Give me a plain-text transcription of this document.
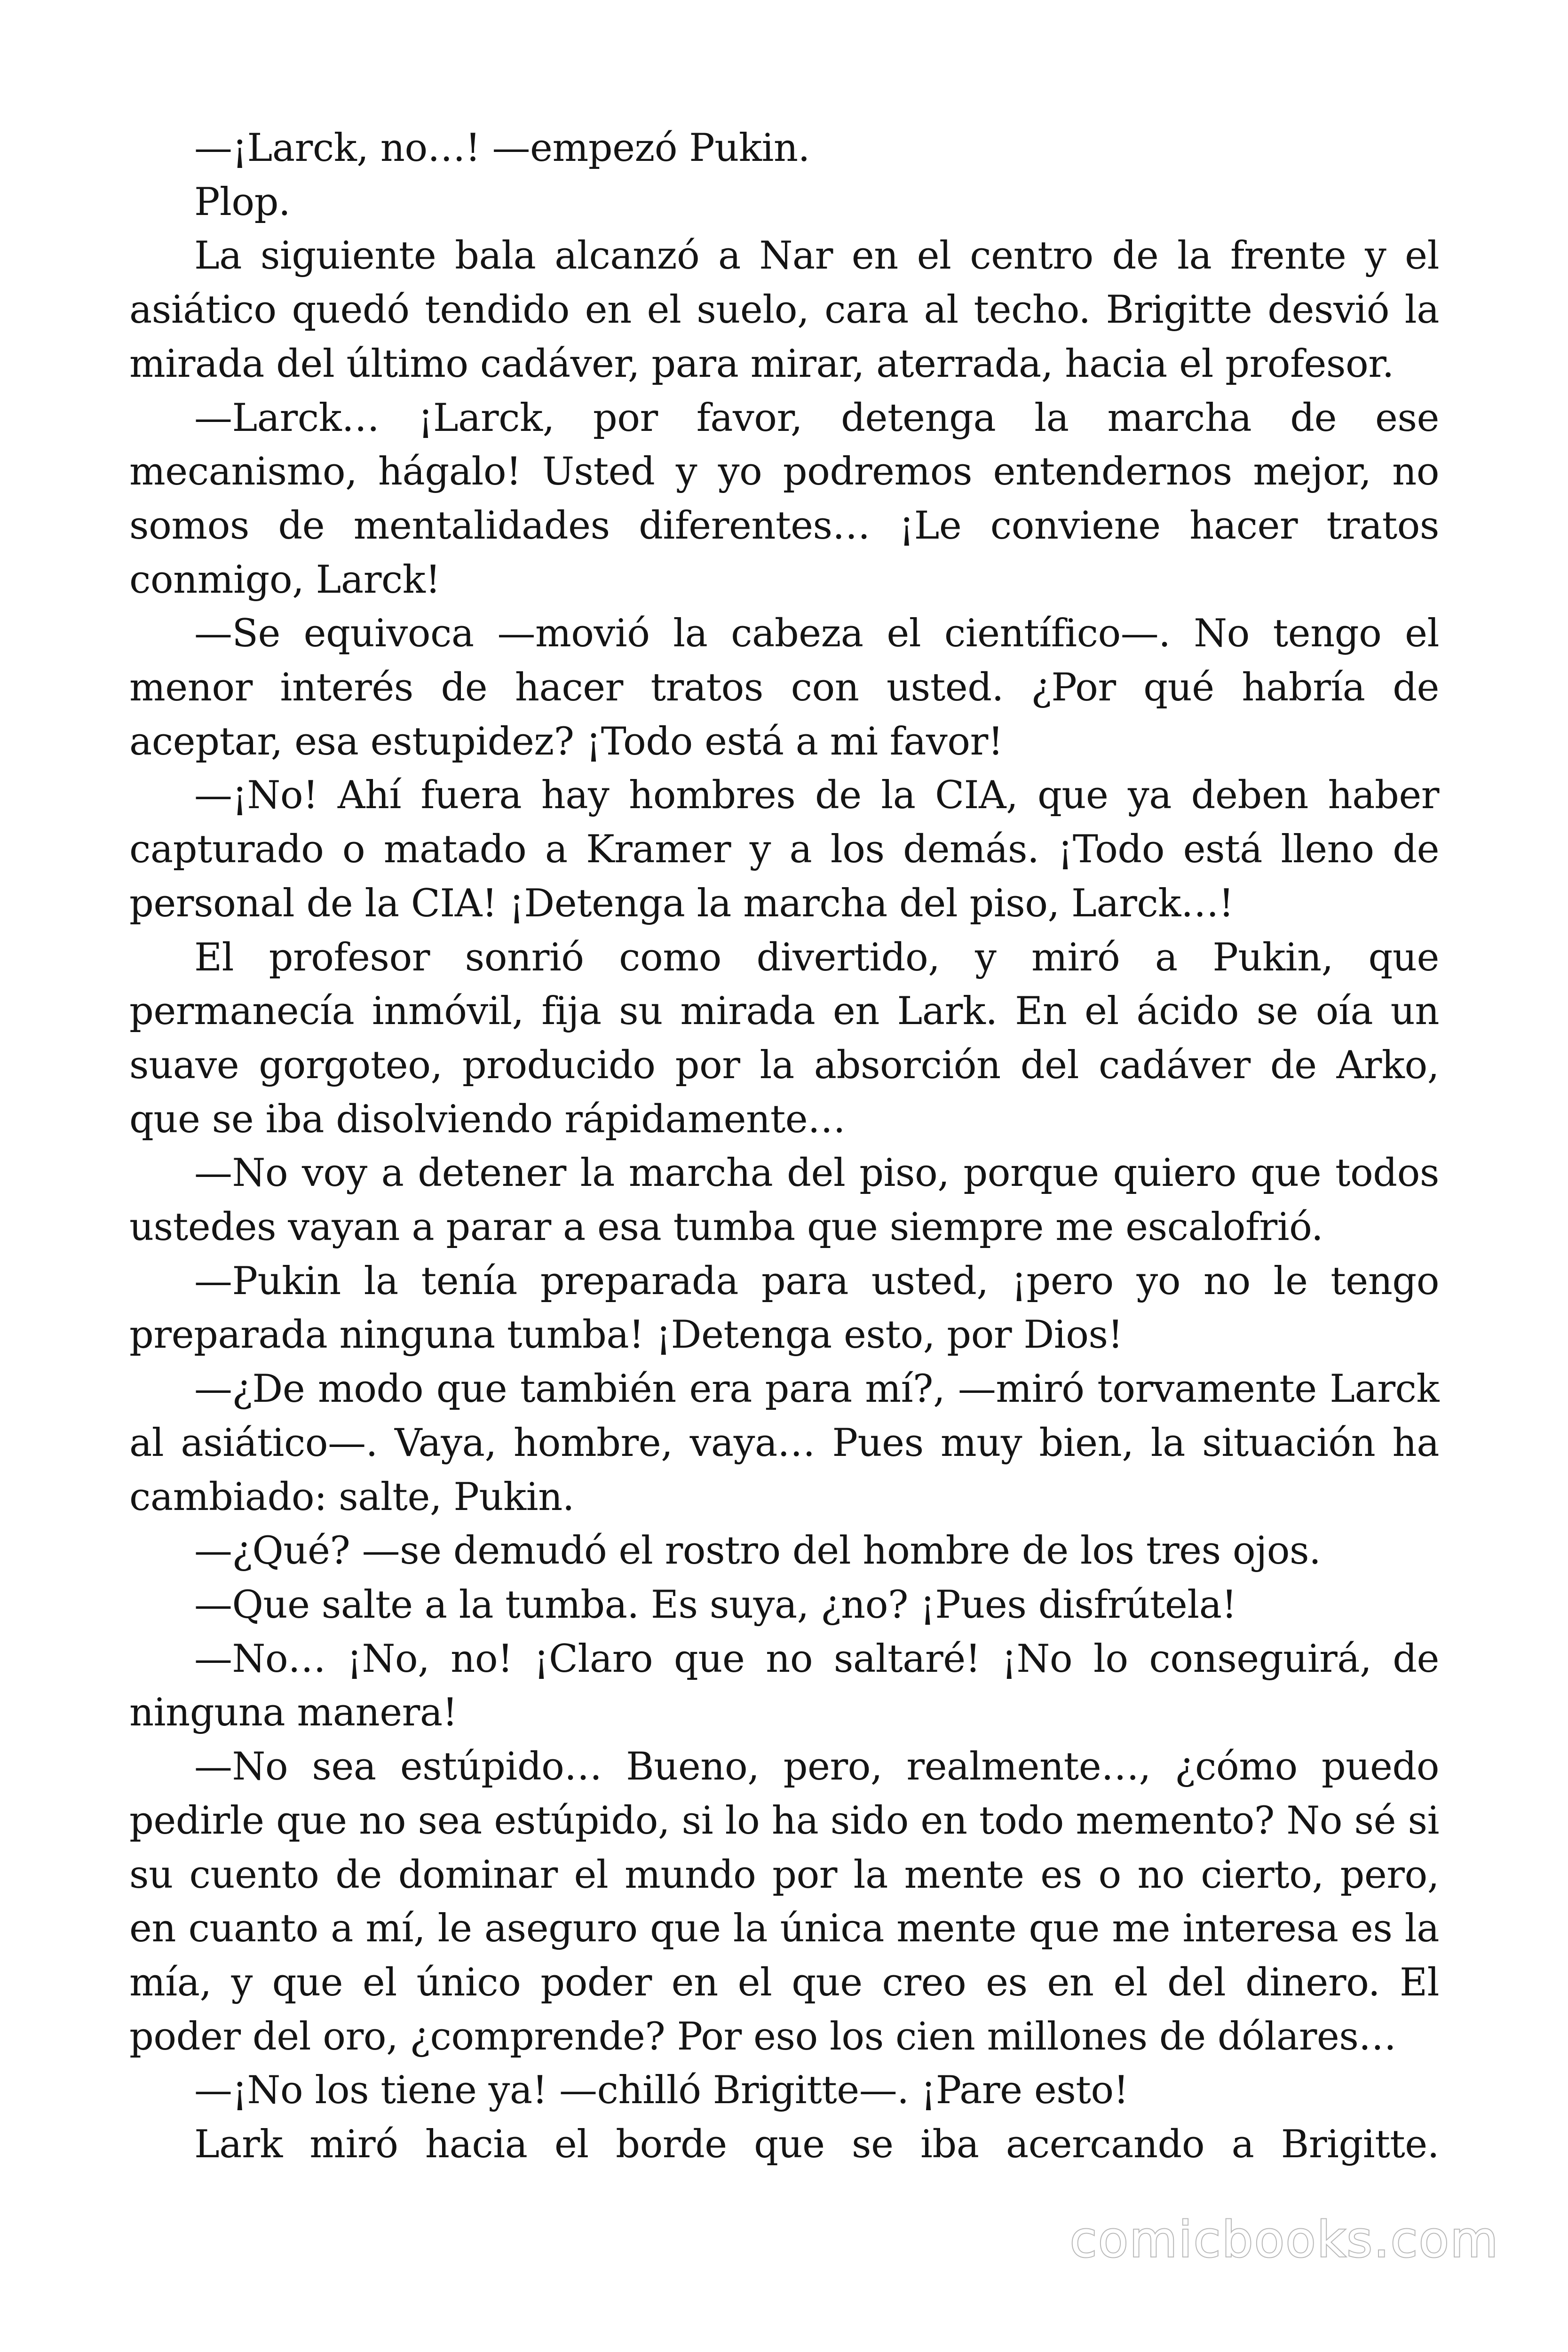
—¡Larck, no…! —empezó Pukin.

Plop.

La siguiente bala alcanzó a Nar en el centro de la frente y el asiático quedó tendido en el suelo, cara al techo. Brigitte desvió la mirada del último cadáver, para mirar, aterrada, hacia el profesor.

—Larck… ¡Larck, por favor, detenga la marcha de ese mecanismo, hágalo! Usted y yo podremos entendernos mejor, no somos de mentalidades diferentes… ¡Le conviene hacer tratos conmigo, Larck!

—Se equivoca —movió la cabeza el científico—. No tengo el menor interés de hacer tratos con usted. ¿Por qué habría de aceptar, esa estupidez? ¡Todo está a mi favor!

—¡No! Ahí fuera hay hombres de la CIA, que ya deben haber capturado o matado a Kramer y a los demás. ¡Todo está lleno de personal de la CIA! ¡Detenga la marcha del piso, Larck…!

El profesor sonrió como divertido, y miró a Pukin, que permanecía inmóvil, fija su mirada en Lark. En el ácido se oía un suave gorgoteo, producido por la absorción del cadáver de Arko, que se iba disolviendo rápidamente…

—No voy a detener la marcha del piso, porque quiero que todos ustedes vayan a parar a esa tumba que siempre me escalofrió.

—Pukin la tenía preparada para usted, ¡pero yo no le tengo preparada ninguna tumba! ¡Detenga esto, por Dios!

—¿De modo que también era para mí?, —miró torvamente Larck al asiático—. Vaya, hombre, vaya… Pues muy bien, la situación ha cambiado: salte, Pukin.

—¿Qué? —se demudó el rostro del hombre de los tres ojos.

—Que salte a la tumba. Es suya, ¿no? ¡Pues disfrútela!

—No… ¡No, no! ¡Claro que no saltaré! ¡No lo conseguirá, de ninguna manera!

—No sea estúpido… Bueno, pero, realmente…, ¿cómo puedo pedirle que no sea estúpido, si lo ha sido en todo memento? No sé si su cuento de dominar el mundo por la mente es o no cierto, pero, en cuanto a mí, le aseguro que la única mente que me interesa es la mía, y que el único poder en el que creo es en el del dinero. El poder del oro, ¿comprende? Por eso los cien millones de dólares…

—¡No los tiene ya! —chilló Brigitte—. ¡Pare esto!

Lark miró hacia el borde que se iba acercando a Brigitte.

comicbooks.com
